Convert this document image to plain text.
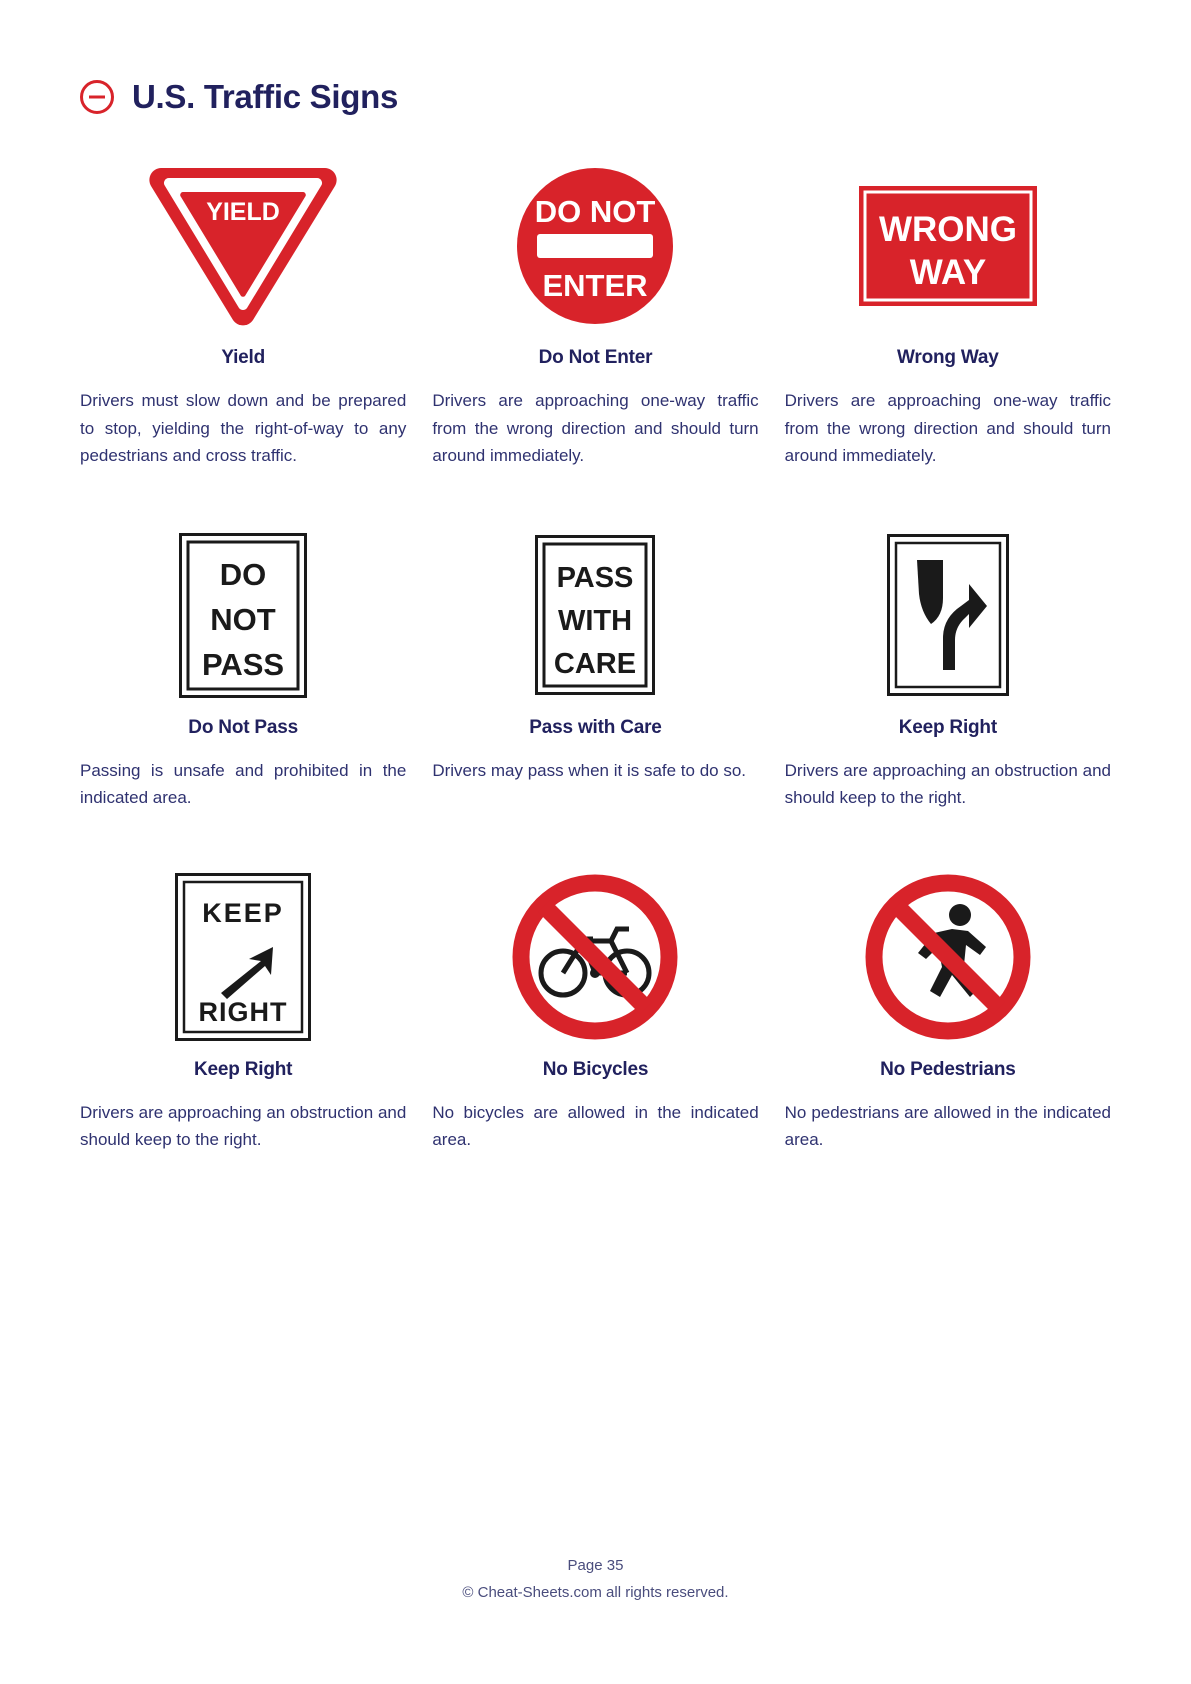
U.S. Traffic Signs
YIELD
Yield
Drivers must slow down and be prepared to stop, yielding the right-of-way to any pedestrians and cross traffic.
DO NOT
ENTER
Do Not Enter
Drivers are approaching one-way traffic from the wrong direction and should turn around immediately.
WRONG
WAY
Wrong Way
Drivers are approaching one-way traffic from the wrong direction and should turn around immediately.
DO
NOT
PASS
Do Not Pass
Passing is unsafe and prohibited in the indicated area.
PASS
WITH
CARE
Pass with Care
Drivers may pass when it is safe to do so.
Keep Right
Drivers are approaching an obstruction and should keep to the right.
KEEP
RIGHT
Keep Right
Drivers are approaching an obstruction and should keep to the right.
No Bicycles
No bicycles are allowed in the indicated area.
No Pedestrians
No pedestrians are allowed in the indicated area.
Page 35
© Cheat-Sheets.com all rights reserved.
